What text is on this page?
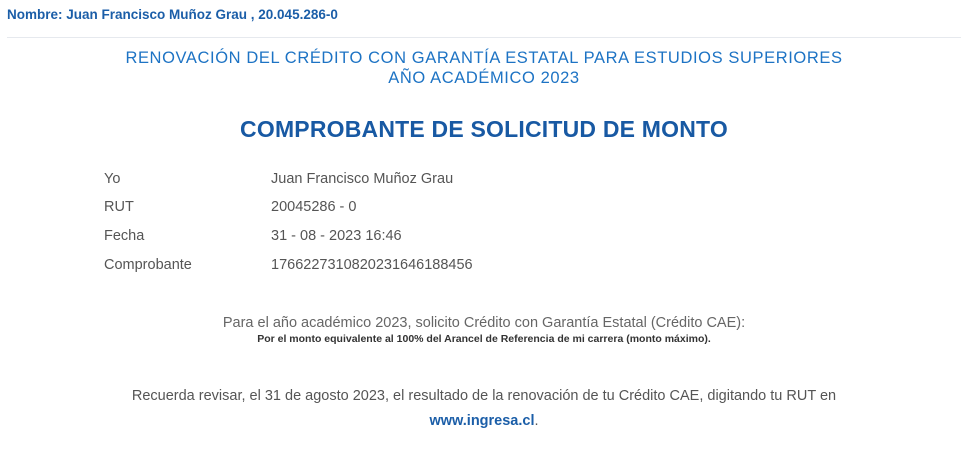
Nombre: Juan Francisco Muñoz Grau , 20.045.286-0
RENOVACIÓN DEL CRÉDITO CON GARANTÍA ESTATAL PARA ESTUDIOS SUPERIORES
AÑO ACADÉMICO 2023
COMPROBANTE DE SOLICITUD DE MONTO
Yo	Juan Francisco Muñoz Grau
RUT	20045286 - 0
Fecha	31 - 08 - 2023 16:46
Comprobante	17662273108202316461884​56
Para el año académico 2023, solicito Crédito con Garantía Estatal (Crédito CAE):
Por el monto equivalente al 100% del Arancel de Referencia de mi carrera (monto máximo).
Recuerda revisar, el 31 de agosto 2023, el resultado de la renovación de tu Crédito CAE, digitando tu RUT en
www.ingresa.cl.
